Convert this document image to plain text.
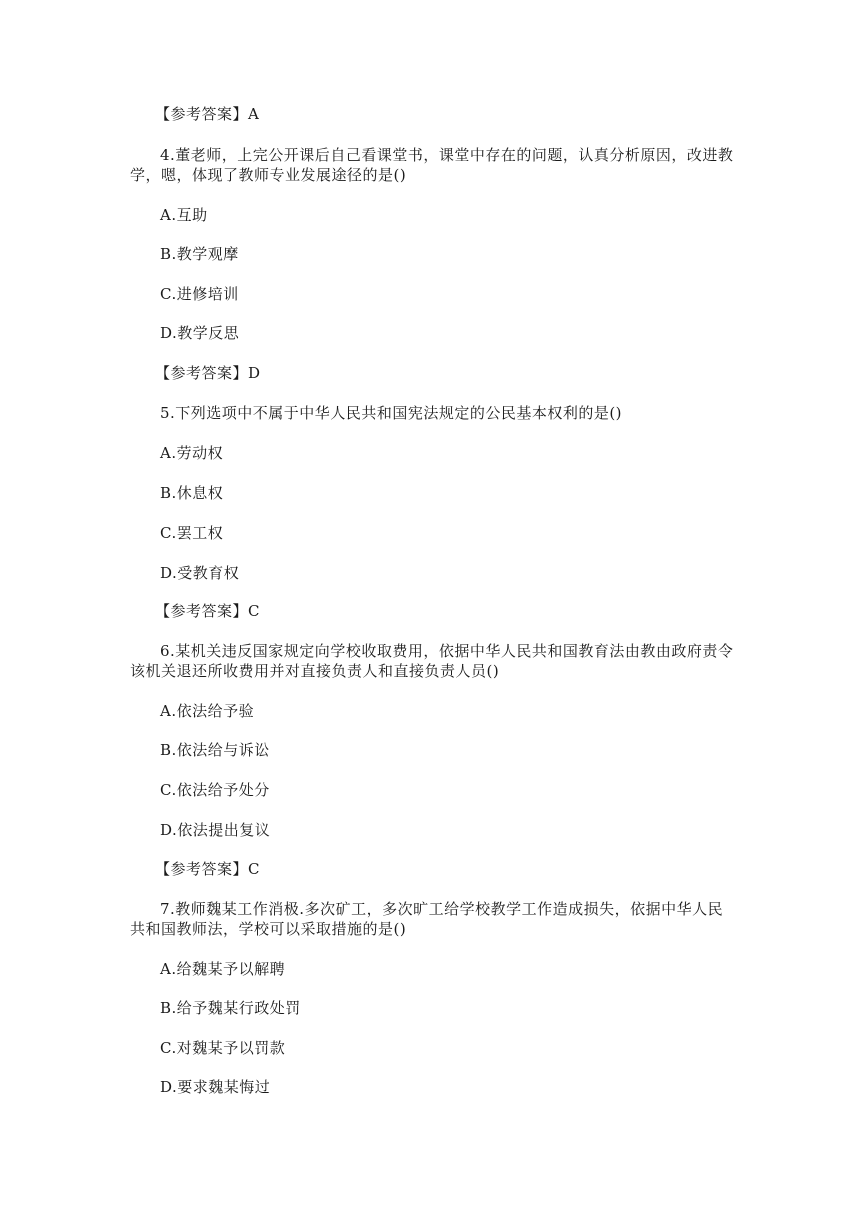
【参考答案】A
4.董老师，上完公开课后自己看课堂书，课堂中存在的问题，认真分析原因，改进教
学，嗯，体现了教师专业发展途径的是()
A.互助
B.教学观摩
C.进修培训
D.教学反思
【参考答案】D
5.下列选项中不属于中华人民共和国宪法规定的公民基本权利的是()
A.劳动权
B.休息权
C.罢工权
D.受教育权
【参考答案】C
6.某机关违反国家规定向学校收取费用，依据中华人民共和国教育法由教由政府责令
该机关退还所收费用并对直接负责人和直接负责人员()
A.依法给予验
B.依法给与诉讼
C.依法给予处分
D.依法提出复议
【参考答案】C
7.教师魏某工作消极.多次矿工，多次旷工给学校教学工作造成损失，依据中华人民
共和国教师法，学校可以采取措施的是()
A.给魏某予以解聘
B.给予魏某行政处罚
C.对魏某予以罚款
D.要求魏某悔过
